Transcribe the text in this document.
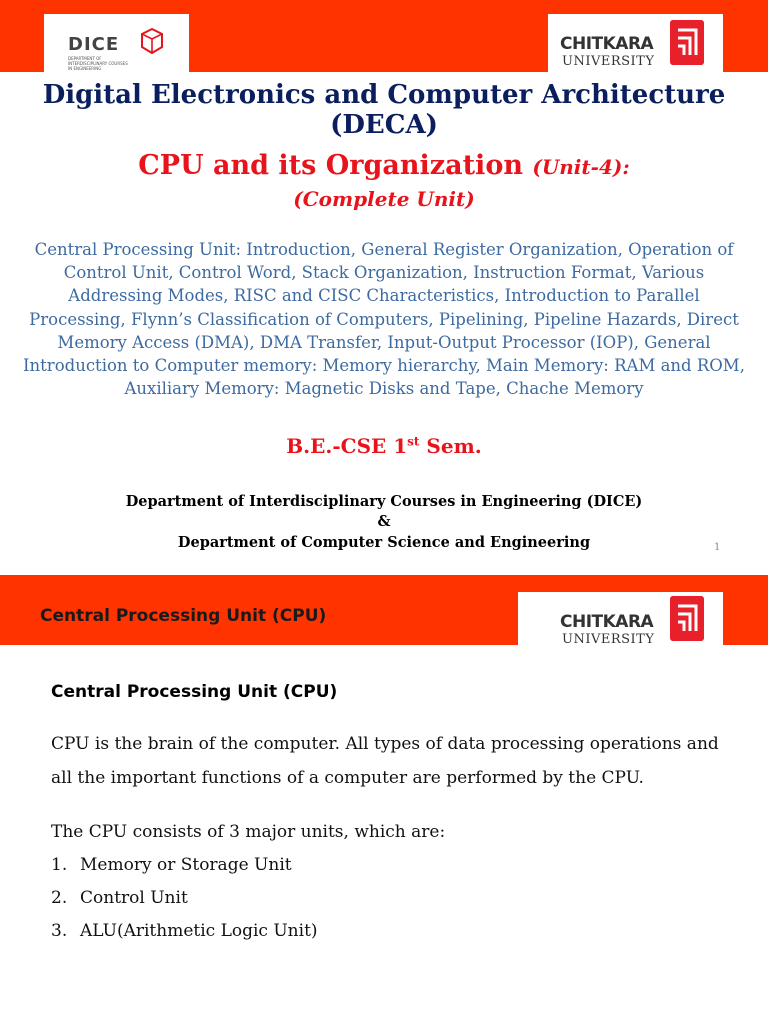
DICE
DEPARTMENT OF INTERDISCIPLINARY COURSES IN ENGINEERING
CHITKARA
UNIVERSITY
Digital Electronics and Computer Architecture (DECA)
CPU and its Organization (Unit-4):
(Complete Unit)
Central Processing Unit: Introduction, General Register Organization, Operation of Control Unit, Control Word, Stack Organization, Instruction Format, Various Addressing Modes, RISC and CISC Characteristics, Introduction to Parallel Processing, Flynn’s Classification of Computers, Pipelining, Pipeline Hazards, Direct Memory Access (DMA), DMA Transfer, Input-Output Processor (IOP), General Introduction to Computer memory: Memory hierarchy, Main Memory: RAM and ROM, Auxiliary Memory: Magnetic Disks and Tape, Chache Memory
B.E.-CSE 1st Sem.
Department of Interdisciplinary Courses in Engineering (DICE)
&
Department of Computer Science and Engineering	1
Central Processing Unit (CPU)	CHITKARA
UNIVERSITY
Central Processing Unit (CPU)
CPU is the brain of the computer. All types of data processing operations and all the important functions of a computer are performed by the CPU.
The CPU consists of 3 major units, which are:
1. Memory or Storage Unit
2. Control Unit
3. ALU(Arithmetic Logic Unit)
